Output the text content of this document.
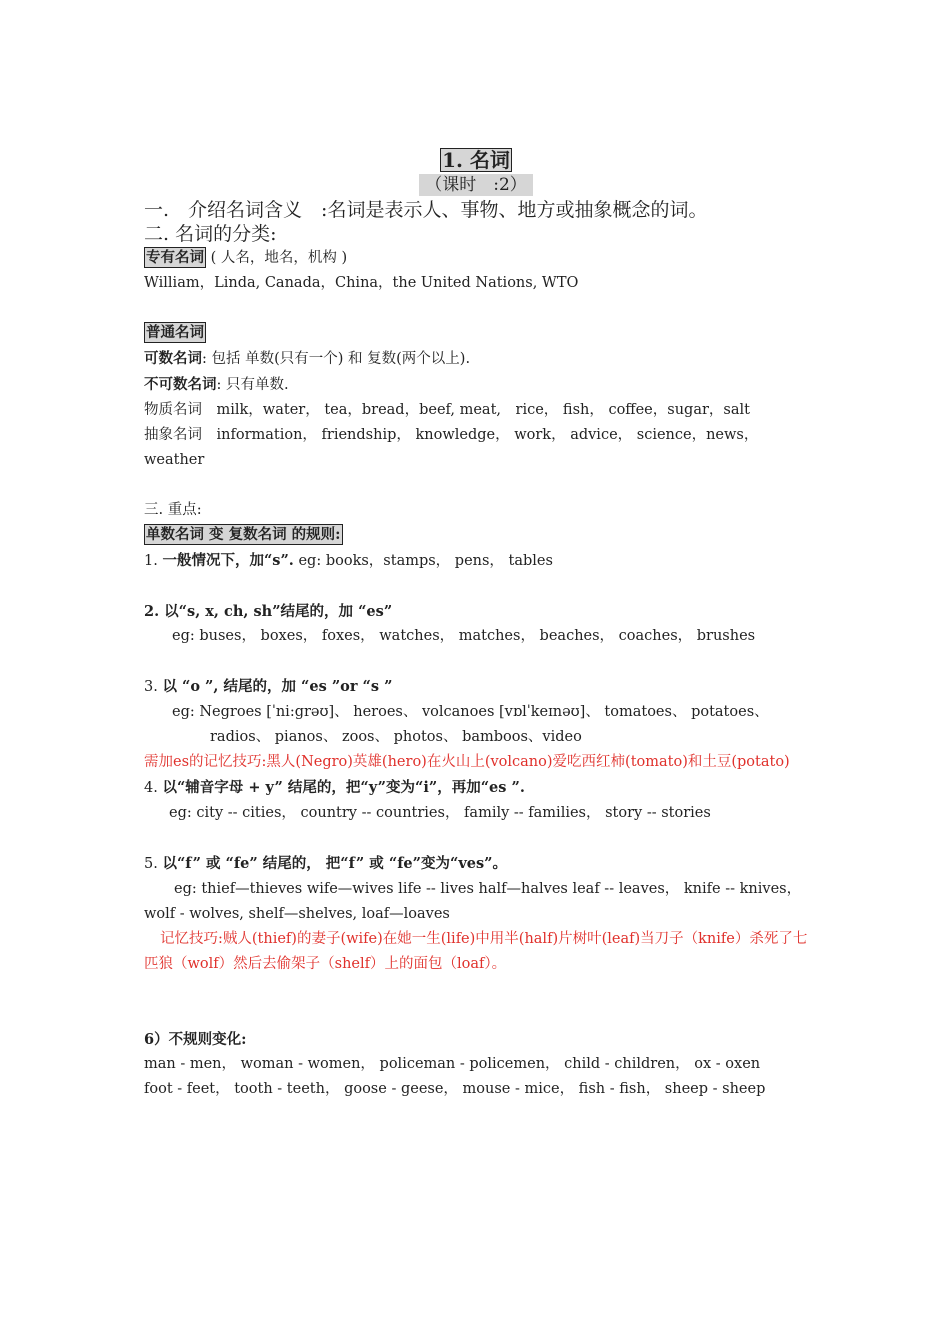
1. 名词
（课时　:2）
一.　介绍名词含义　:名词是表示人、事物、地方或抽象概念的词。
二. 名词的分类:
专有名词 ( 人名，地名，机构 )
William，Linda, Canada，China，the United Nations, WTO
普通名词
可数名词: 包括 单数(只有一个) 和 复数(两个以上).
不可数名词: 只有单数.
物质名词　milk，water， tea，bread，beef, meat,　rice， fish， coffee，sugar，salt
抽象名词　information， friendship， knowledge， work， advice， science，news， weather
三. 重点:
单数名词 变 复数名词 的规则:
1. 一般情况下，加“s”. eg: books，stamps， pens， tables
2. 以“s, x, ch, sh”结尾的，加 “es”
eg: buses， boxes， foxes， watches， matches， beaches， coaches， brushes
3. 以 “o ”, 结尾的，加 “es ”or “s ”
eg: Negroes [ˈni:grəʊ]、 heroes、 volcanoes [vɒlˈkeɪnəʊ]、 tomatoes、 potatoes、
radios、 pianos、 zoos、 photos、 bamboos、video
需加es的记忆技巧:黑人(Negro)英雄(hero)在火山上(volcano)爱吃西红柿(tomato)和土豆(potato)
4. 以“辅音字母 + y” 结尾的，把“y”变为“i”，再加“es ”.
eg: city -- cities， country -- countries， family -- families， story -- stories
5. 以“f” 或 “fe” 结尾的， 把“f” 或 “fe”变为“ves”。
eg: thief—thieves wife—wives life -- lives half—halves leaf -- leaves， knife -- knives，wolf - wolves, shelf—shelves, loaf—loaves
记忆技巧:贼人(thief)的妻子(wife)在她一生(life)中用半(half)片树叶(leaf)当刀子（knife）杀死了七匹狼（wolf）然后去偷架子（shelf）上的面包（loaf）。
6）不规则变化:
man - men， woman - women， policeman - policemen， child - children， ox - oxen
foot - feet， tooth - teeth， goose - geese， mouse - mice， fish - fish， sheep - sheep
